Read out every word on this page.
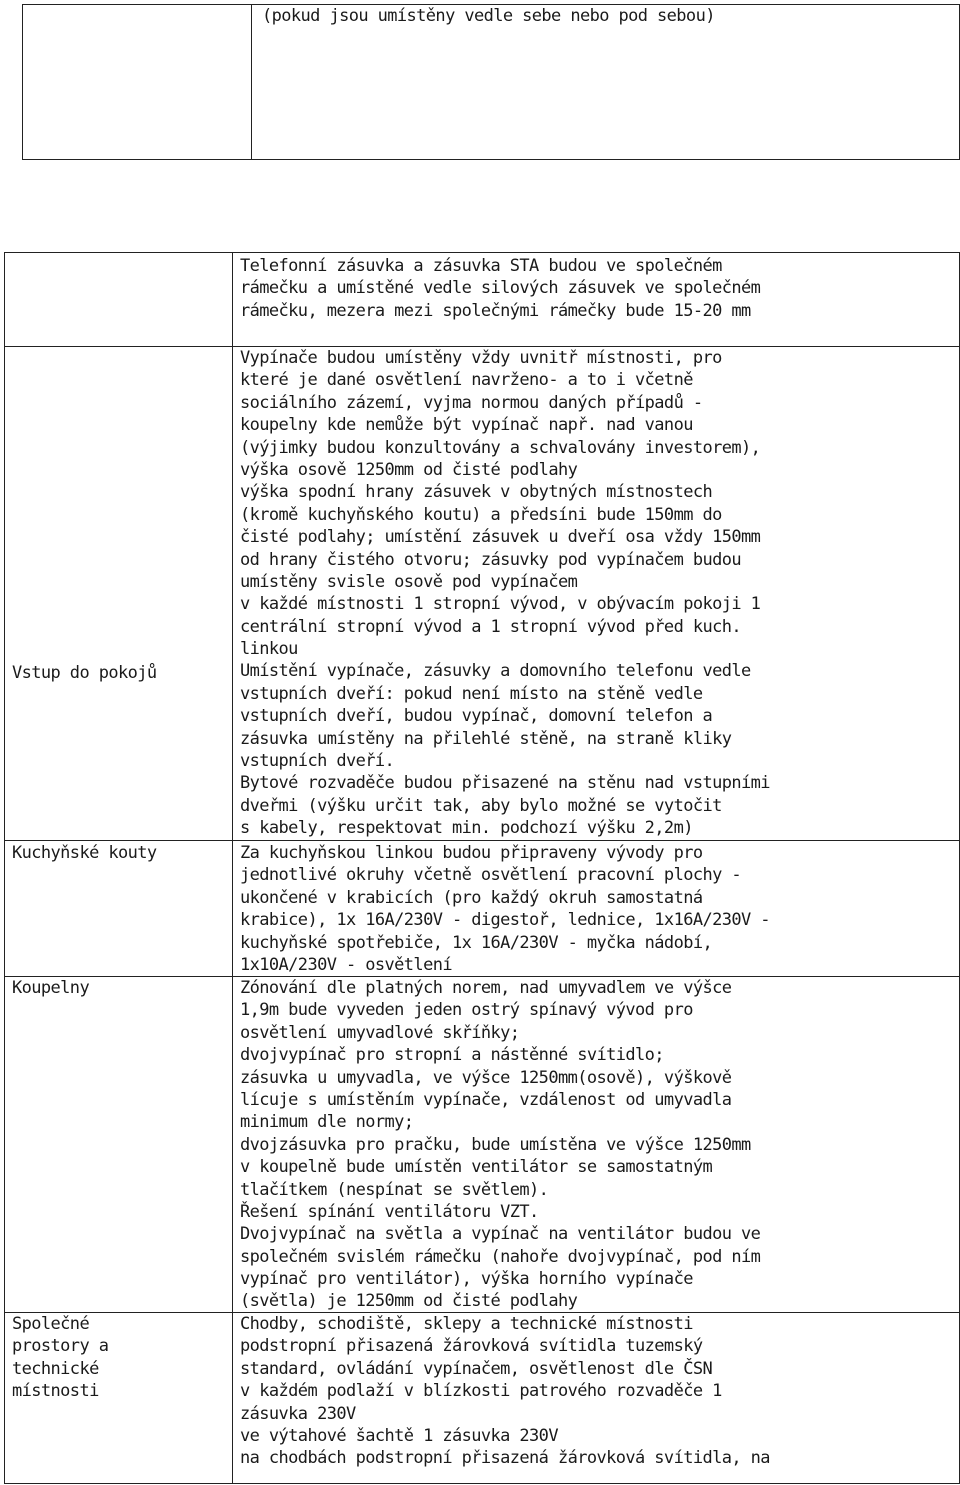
(pokud jsou umístěny vedle sebe nebo pod sebou)
Telefonní zásuvka a zásuvka STA budou ve společném
rámečku a umístěné vedle silových zásuvek ve společném
rámečku, mezera mezi společnými rámečky bude 15-20 mm
Vstup do pokojů
Vypínače budou umístěny vždy uvnitř místnosti, pro
které je dané osvětlení navrženo- a to i včetně
sociálního zázemí, vyjma normou daných případů -
koupelny kde nemůže být vypínač např. nad vanou
(výjimky budou konzultovány a schvalovány investorem),
výška osově 1250mm od čisté podlahy
výška spodní hrany zásuvek v obytných místnostech
(kromě kuchyňského koutu) a předsíni bude 150mm do
čisté podlahy; umístění zásuvek u dveří osa vždy 150mm
od hrany čistého otvoru; zásuvky pod vypínačem budou
umístěny svisle osově pod vypínačem
v každé místnosti 1 stropní vývod, v obývacím pokoji 1
centrální stropní vývod a 1 stropní vývod před kuch.
linkou
Umístění vypínače, zásuvky a domovního telefonu vedle
vstupních dveří: pokud není místo na stěně vedle
vstupních dveří, budou vypínač, domovní telefon a
zásuvka umístěny na přilehlé stěně, na straně kliky
vstupních dveří.
Bytové rozvaděče budou přisazené na stěnu nad vstupními
dveřmi (výšku určit tak, aby bylo možné se vytočit
s kabely, respektovat min. podchozí výšku 2,2m)
Kuchyňské kouty	Za kuchyňskou linkou budou připraveny vývody pro
jednotlivé okruhy včetně osvětlení pracovní plochy -
ukončené v krabicích (pro každý okruh samostatná
krabice), 1x 16A/230V - digestoř, lednice, 1x16A/230V -
kuchyňské spotřebiče, 1x 16A/230V - myčka nádobí,
1x10A/230V - osvětlení
Koupelny	Zónování dle platných norem, nad umyvadlem ve výšce
1,9m bude vyveden jeden ostrý spínavý vývod pro
osvětlení umyvadlové skříňky;
dvojvypínač pro stropní a nástěnné svítidlo;
zásuvka u umyvadla, ve výšce 1250mm(osově), výškově
lícuje s umístěním vypínače, vzdálenost od umyvadla
minimum dle normy;
dvojzásuvka pro pračku, bude umístěna ve výšce 1250mm
v koupelně bude umístěn ventilátor se samostatným
tlačítkem (nespínat se světlem).
Řešení spínání ventilátoru VZT.
Dvojvypínač na světla a vypínač na ventilátor budou ve
společném svislém rámečku (nahoře dvojvypínač, pod ním
vypínač pro ventilátor), výška horního vypínače
(světla) je 1250mm od čisté podlahy
Společné
prostory a
technické
místnosti
Chodby, schodiště, sklepy a technické místnosti
podstropní přisazená žárovková svítidla tuzemský
standard, ovládání vypínačem, osvětlenost dle ČSN
v každém podlaží v blízkosti patrového rozvaděče 1
zásuvka 230V
ve výtahové šachtě 1 zásuvka 230V
na chodbách podstropní přisazená žárovková svítidla, na
